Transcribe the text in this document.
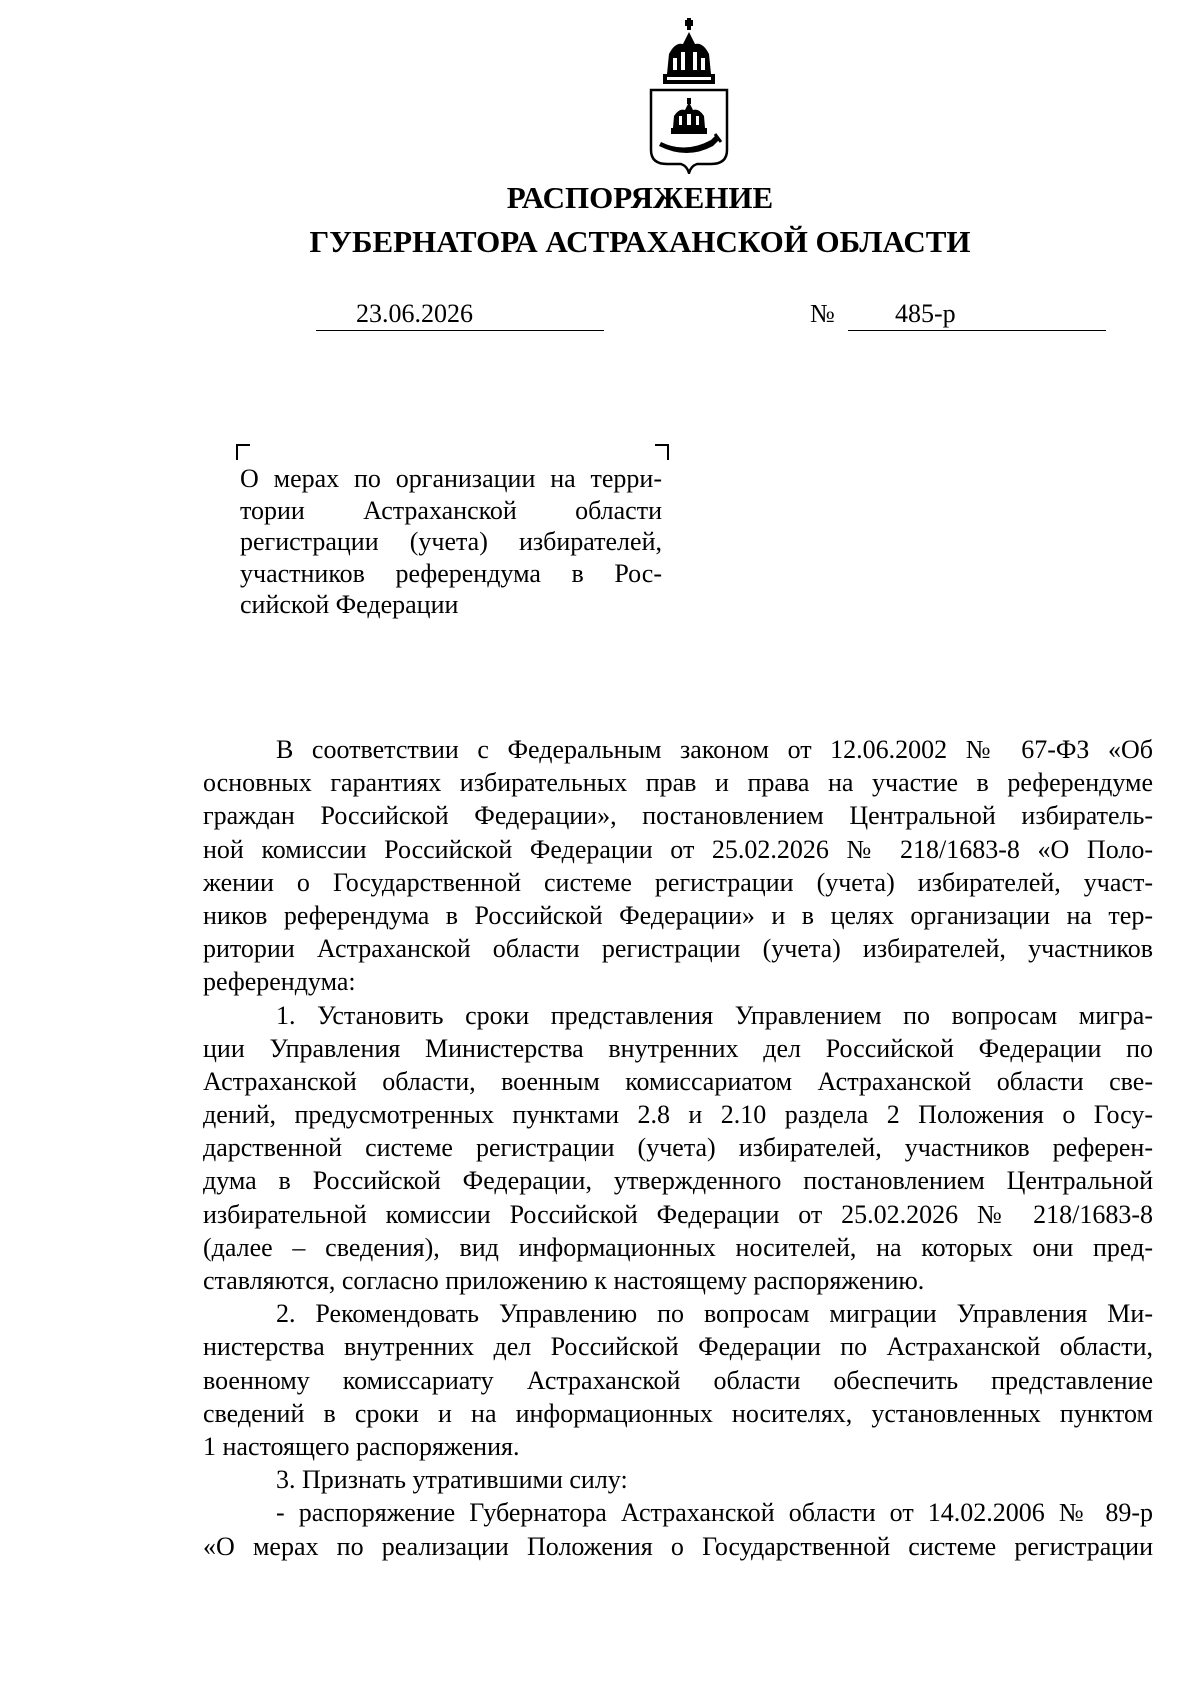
РАСПОРЯЖЕНИЕ
ГУБЕРНАТОРА АСТРАХАНСКОЙ ОБЛАСТИ
23.06.2026	№ 485-р
О мерах по организации на терри-
тории Астраханской области
регистрации (учета) избирателей,
участников референдума в Рос-
сийской Федерации
В соответствии с Федеральным законом от 12.06.2002 № 67-ФЗ «Об
основных гарантиях избирательных прав и права на участие в референдуме
граждан Российской Федерации», постановлением Центральной избиратель-
ной комиссии Российской Федерации от 25.02.2026 № 218/1683-8 «О Поло-
жении о Государственной системе регистрации (учета) избирателей, участ-
ников референдума в Российской Федерации» и в целях организации на тер-
ритории Астраханской области регистрации (учета) избирателей, участников
референдума:
1. Установить сроки представления Управлением по вопросам мигра-
ции Управления Министерства внутренних дел Российской Федерации по
Астраханской области, военным комиссариатом Астраханской области све-
дений, предусмотренных пунктами 2.8 и 2.10 раздела 2 Положения о Госу-
дарственной системе регистрации (учета) избирателей, участников референ-
дума в Российской Федерации, утвержденного постановлением Центральной
избирательной комиссии Российской Федерации от 25.02.2026 № 218/1683-8
(далее – сведения), вид информационных носителей, на которых они пред-
ставляются, согласно приложению к настоящему распоряжению.
2. Рекомендовать Управлению по вопросам миграции Управления Ми-
нистерства внутренних дел Российской Федерации по Астраханской области,
военному комиссариату Астраханской области обеспечить представление
сведений в сроки и на информационных носителях, установленных пунктом
1 настоящего распоряжения.
3. Признать утратившими силу:
- распоряжение Губернатора Астраханской области от 14.02.2006 № 89-р
«О мерах по реализации Положения о Государственной системе регистрации
